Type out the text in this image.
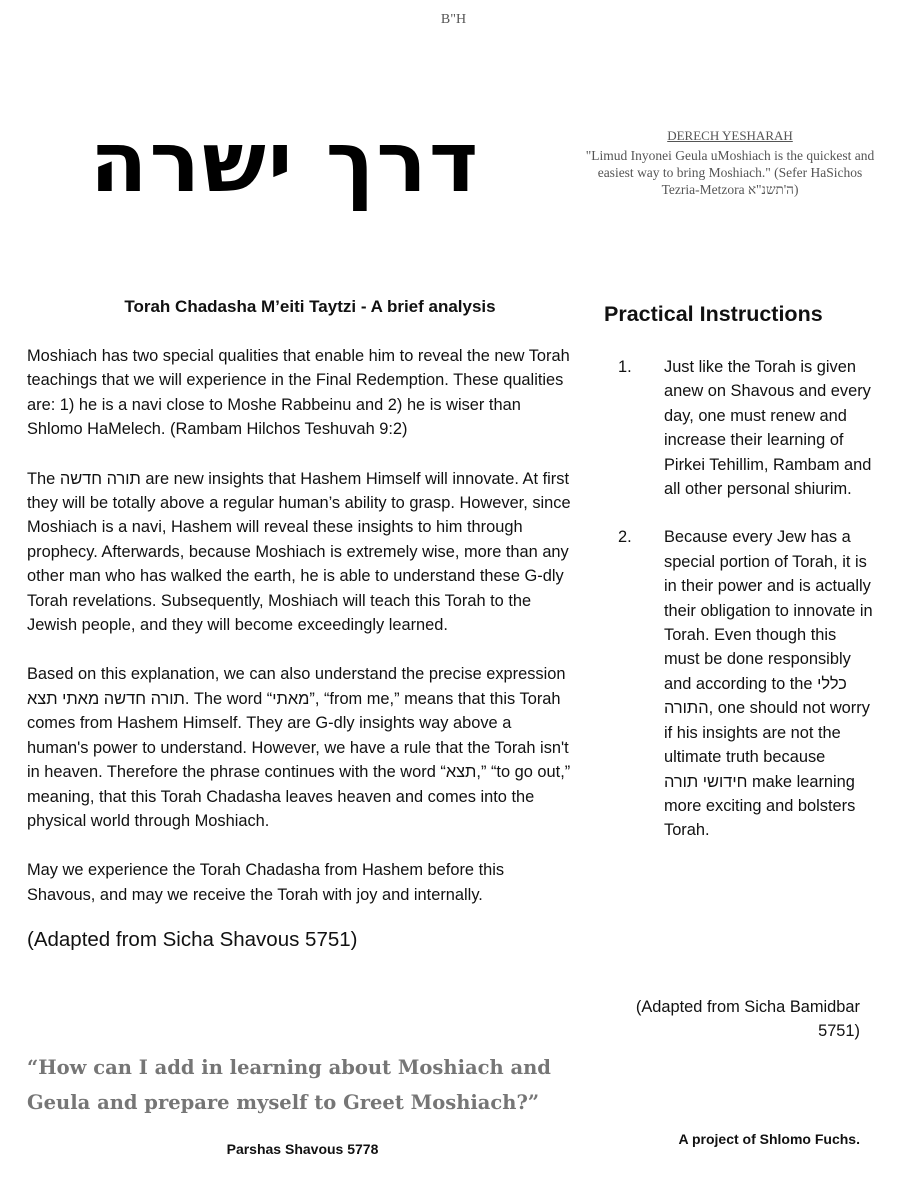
B"H
דרך ישרה	DERECH YESHARAH
"Limud Inyonei Geula uMoshiach is the quickest and easiest way to bring Moshiach." (Sefer HaSichos Tezria-Metzora ה'תשנ"א)
Torah Chadasha M’eiti Taytzi - A brief analysis

Moshiach has two special qualities that enable him to reveal the new Torah teachings that we will experience in the Final Redemption. These qualities are: 1) he is a navi close to Moshe Rabbeinu and 2) he is wiser than Shlomo HaMelech. (Rambam Hilchos Teshuvah 9:2)

The תורה חדשה are new insights that Hashem Himself will innovate. At first they will be totally above a regular human’s ability to grasp. However, since Moshiach is a navi, Hashem will reveal these insights to him through prophecy. Afterwards, because Moshiach is extremely wise, more than any other man who has walked the earth, he is able to understand these G-dly Torah revelations. Subsequently, Moshiach will teach this Torah to the Jewish people, and they will become exceedingly learned.

Based on this explanation, we can also understand the precise expression תורה חדשה מאתי תצא. The word “מאתי”, “from me,” means that this Torah comes from Hashem Himself. They are G-dly insights way above a human's power to understand. However, we have a rule that the Torah isn't in heaven. Therefore the phrase continues with the word “תצא,” “to go out,” meaning, that this Torah Chadasha leaves heaven and comes into the physical world through Moshiach.

May we experience the Torah Chadasha from Hashem before this Shavous, and may we receive the Torah with joy and internally.

(Adapted from Sicha Shavous 5751)

“How can I add in learning about Moshiach and Geula and prepare myself to Greet Moshiach?”
Parshas Shavous 5778
A project of Shlomo Fuchs.
Practical Instructions
1.	Just like the Torah is given anew on Shavous and every day, one must renew and increase their learning of Pirkei Tehillim, Rambam and all other personal shiurim.
2.	Because every Jew has a special portion of Torah, it is in their power and is actually their obligation to innovate in Torah. Even though this must be done responsibly and according to the כללי התורה, one should not worry if his insights are not the ultimate truth because חידושי תורה make learning more exciting and bolsters Torah.
(Adapted from Sicha Bamidbar 5751)
